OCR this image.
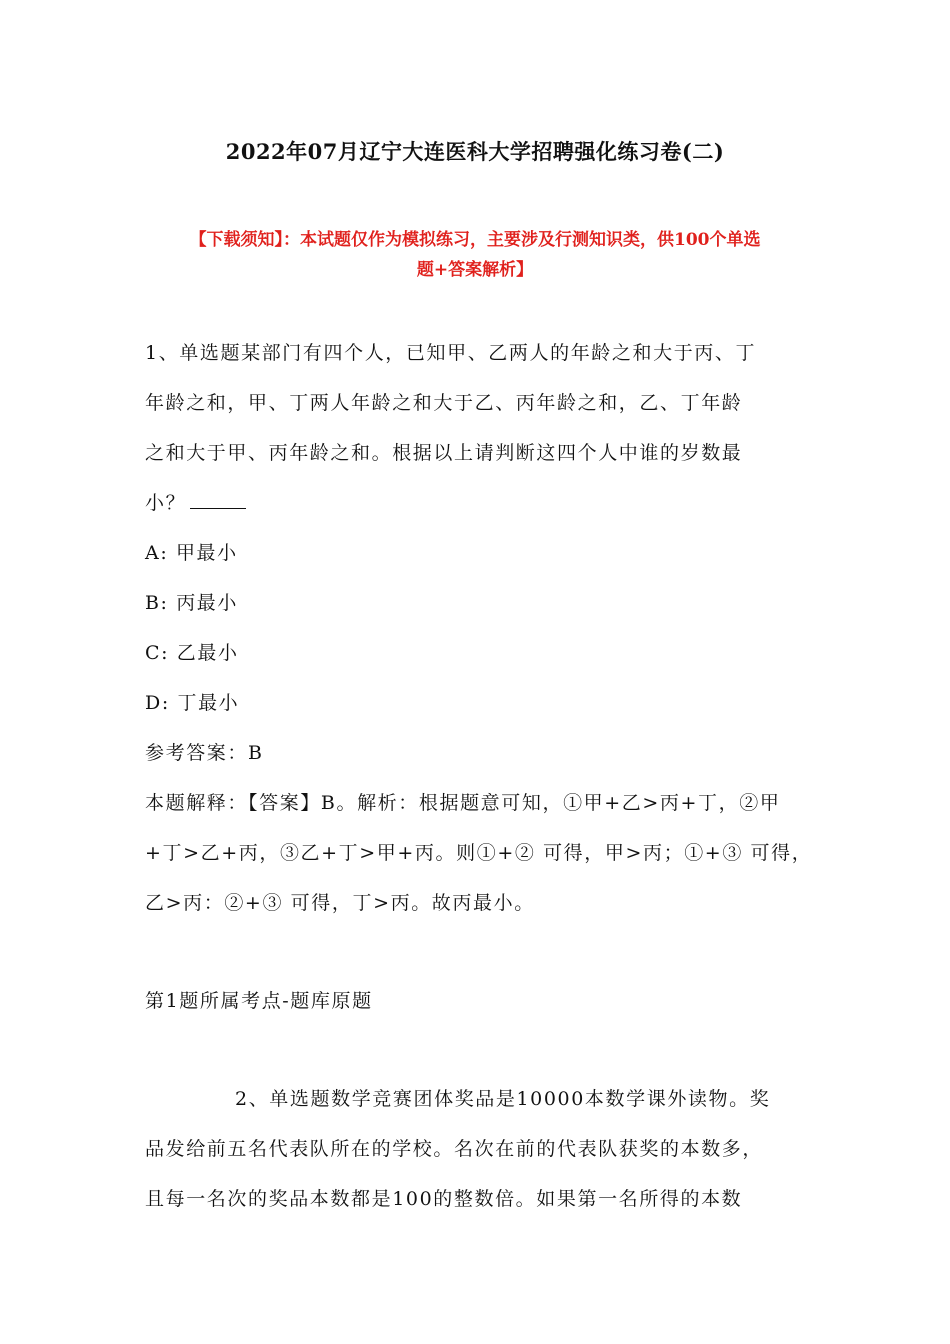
2022年07月辽宁大连医科大学招聘强化练习卷(二)
【下载须知】：本试题仅作为模拟练习，主要涉及行测知识类，供100个单选
题+答案解析】
1、单选题某部门有四个人，已知甲、乙两人的年龄之和大于丙、丁
年龄之和，甲、丁两人年龄之和大于乙、丙年龄之和，乙、丁年龄
之和大于甲、丙年龄之和。根据以上请判断这四个人中谁的岁数最
小？
A: 甲最小
B: 丙最小
C: 乙最小
D: 丁最小
参考答案：B
本题解释：【答案】B。解析：根据题意可知，①甲+乙>丙+丁，②甲
+丁>乙+丙，③乙+丁>甲+丙。则①+② 可得，甲>丙；①+③ 可得，
乙>丙：②+③ 可得，丁>丙。故丙最小。
第1题所属考点-题库原题
2、单选题数学竞赛团体奖品是10000本数学课外读物。奖
品发给前五名代表队所在的学校。名次在前的代表队获奖的本数多，
且每一名次的奖品本数都是100的整数倍。如果第一名所得的本数
